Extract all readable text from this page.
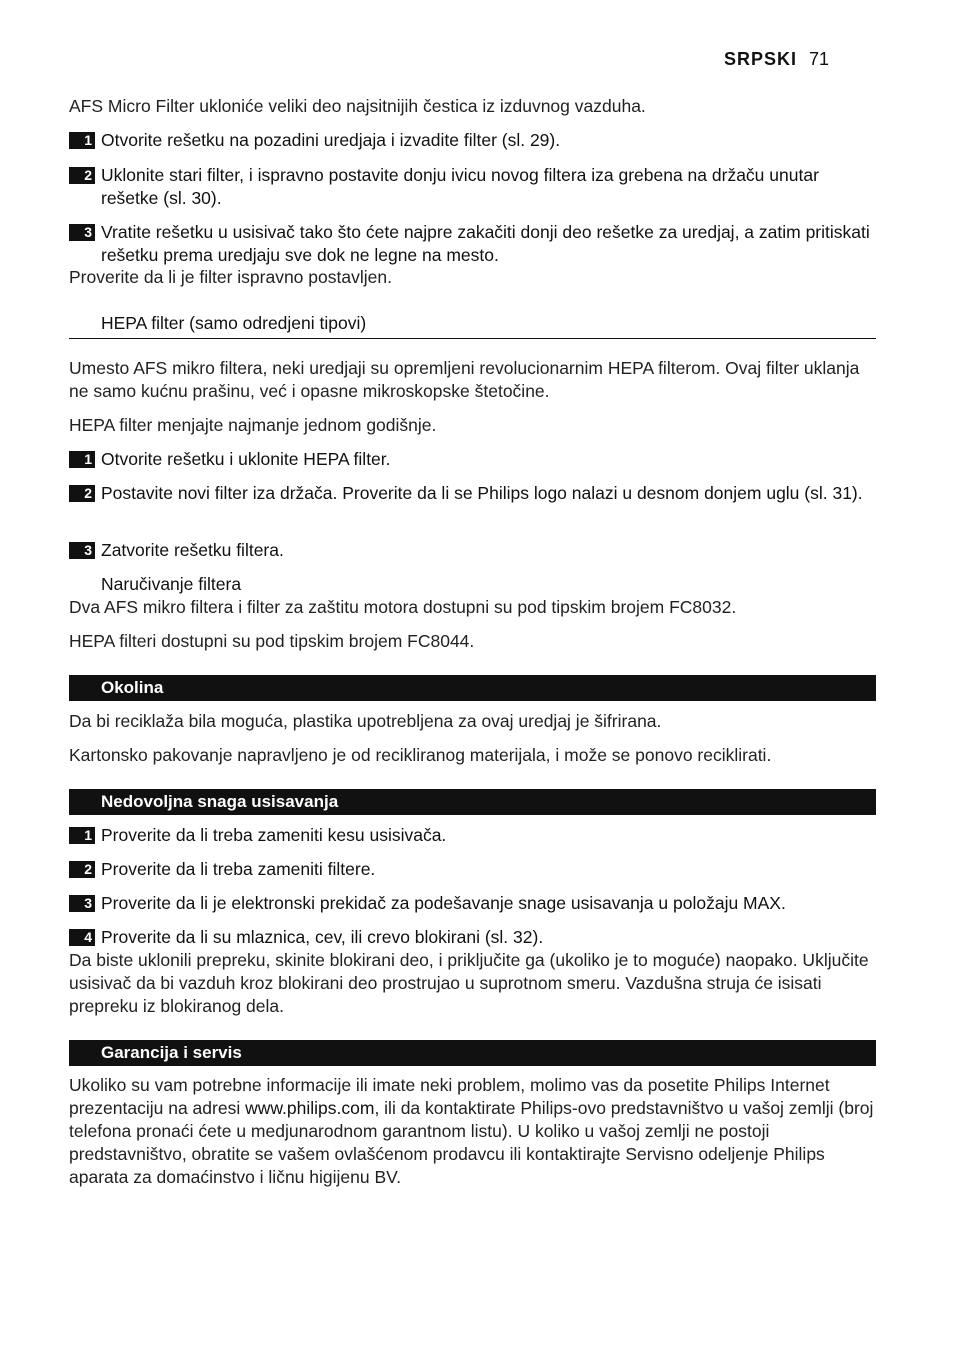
SRPSKI 71
AFS Micro Filter ukloniće veliki deo najsitnijih čestica iz izduvnog vazduha.
1 Otvorite rešetku na pozadini uredjaja i izvadite filter (sl. 29).
2 Uklonite stari filter, i ispravno postavite donju ivicu novog filtera iza grebena na držaču unutar rešetke (sl. 30).
3 Vratite rešetku u usisivač tako što ćete najpre zakačiti donji deo rešetke za uredjaj, a zatim pritiskati rešetku prema uredjaju sve dok ne legne na mesto.
Proverite da li je filter ispravno postavljen.
HEPA filter (samo odredjeni tipovi)
Umesto AFS mikro filtera, neki uredjaji su opremljeni revolucionarnim HEPA filterom. Ovaj filter uklanja ne samo kućnu prašinu, već i opasne mikroskopske štetočine.
HEPA filter menjajte najmanje jednom godišnje.
1 Otvorite rešetku i uklonite HEPA filter.
2 Postavite novi filter iza držača. Proverite da li se Philips logo nalazi u desnom donjem uglu (sl. 31).
3 Zatvorite rešetku filtera.
Naručivanje filtera
Dva AFS mikro filtera i filter za zaštitu motora dostupni su pod tipskim brojem FC8032.
HEPA filteri dostupni su pod tipskim brojem FC8044.
Okolina
Da bi reciklaža bila moguća, plastika upotrebljena za ovaj uredjaj je šifrirana.
Kartonsko pakovanje napravljeno je od recikliranog materijala, i može se ponovo reciklirati.
Nedovoljna snaga usisavanja
1 Proverite da li treba zameniti kesu usisivača.
2 Proverite da li treba zameniti filtere.
3 Proverite da li je elektronski prekidač za podešavanje snage usisavanja u položaju MAX.
4 Proverite da li su mlaznica, cev, ili crevo blokirani (sl. 32).
Da biste uklonili prepreku, skinite blokirani deo, i priključite ga (ukoliko je to moguće) naopako. Uključite usisivač da bi vazduh kroz blokirani deo prostrujao u suprotnom smeru. Vazdušna struja će isisati prepreku iz blokiranog dela.
Garancija i servis
Ukoliko su vam potrebne informacije ili imate neki problem, molimo vas da posetite Philips Internet prezentaciju na adresi www.philips.com, ili da kontaktirate Philips-ovo predstavništvo u vašoj zemlji (broj telefona pronaći ćete u medjunarodnom garantnom listu). U koliko u vašoj zemlji ne postoji predstavništvo, obratite se vašem ovlašćenom prodavcu ili kontaktirajte Servisno odeljenje Philips aparata za domaćinstvo i ličnu higijenu BV.
